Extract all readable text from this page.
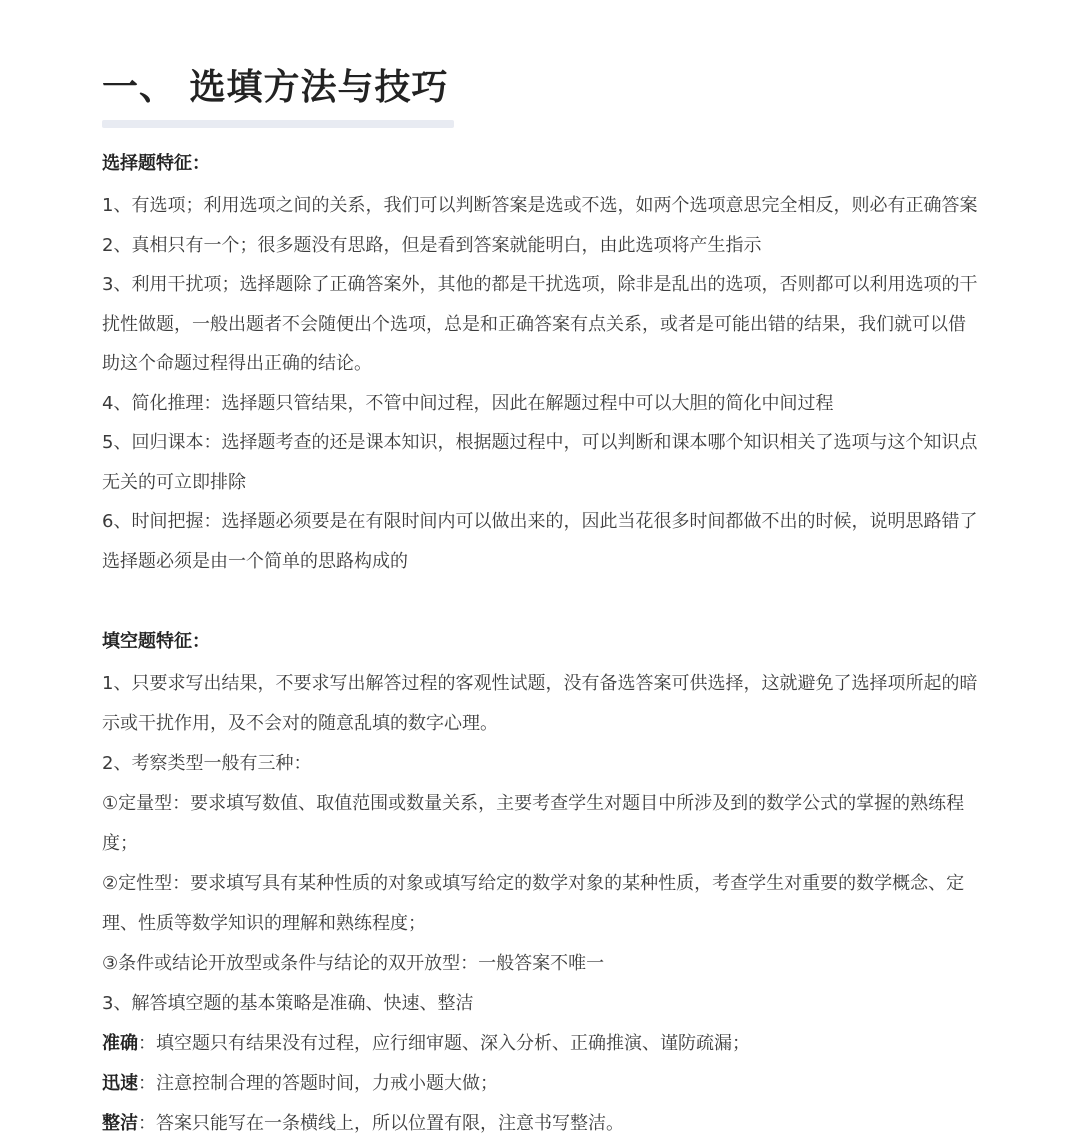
一、 选填方法与技巧
选择题特征：

1、有选项；利用选项之间的关系，我们可以判断答案是选或不选，如两个选项意思完全相反，则必有正确答案

2、真相只有一个；很多题没有思路，但是看到答案就能明白，由此选项将产生指示

3、利用干扰项；选择题除了正确答案外，其他的都是干扰选项，除非是乱出的选项，否则都可以利用选项的干扰性做题，一般出题者不会随便出个选项，总是和正确答案有点关系，或者是可能出错的结果，我们就可以借助这个命题过程得出正确的结论。

4、简化推理：选择题只管结果，不管中间过程，因此在解题过程中可以大胆的简化中间过程

5、回归课本：选择题考查的还是课本知识，根据题过程中，可以判断和课本哪个知识相关了选项与这个知识点无关的可立即排除

6、时间把握：选择题必须要是在有限时间内可以做出来的，因此当花很多时间都做不出的时候，说明思路错了选择题必须是由一个简单的思路构成的

填空题特征：

1、只要求写出结果，不要求写出解答过程的客观性试题，没有备选答案可供选择，这就避免了选择项所起的暗示或干扰作用，及不会对的随意乱填的数字心理。

2、考察类型一般有三种：

①定量型：要求填写数值、取值范围或数量关系，主要考查学生对题目中所涉及到的数学公式的掌握的熟练程度；

②定性型：要求填写具有某种性质的对象或填写给定的数学对象的某种性质，考查学生对重要的数学概念、定理、性质等数学知识的理解和熟练程度；

③条件或结论开放型或条件与结论的双开放型：一般答案不唯一

3、解答填空题的基本策略是准确、快速、整洁

准确：填空题只有结果没有过程，应行细审题、深入分析、正确推演、谨防疏漏；

迅速：注意控制合理的答题时间，力戒小题大做；

整洁：答案只能写在一条横线上，所以位置有限，注意书写整洁。
